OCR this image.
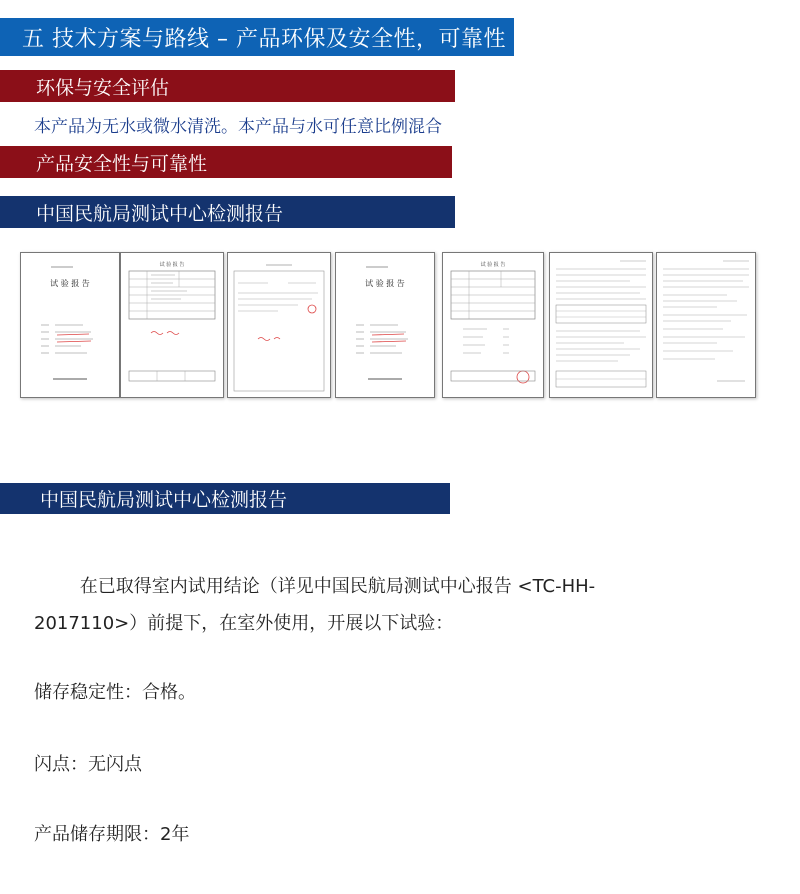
五 技术方案与路线 – 产品环保及安全性，可靠性
环保与安全评估
本产品为无水或微水清洗。本产品与水可任意比例混合
产品安全性与可靠性
中国民航局测试中心检测报告
试 验 报 告
试 验 报 告
试 验 报 告
试 验 报 告
中国民航局测试中心检测报告
在已取得室内试用结论（详见中国民航局测试中心报告 <TC-HH-
2017110>）前提下，在室外使用，开展以下试验：
储存稳定性：合格。
闪点：无闪点
产品储存期限：2年
